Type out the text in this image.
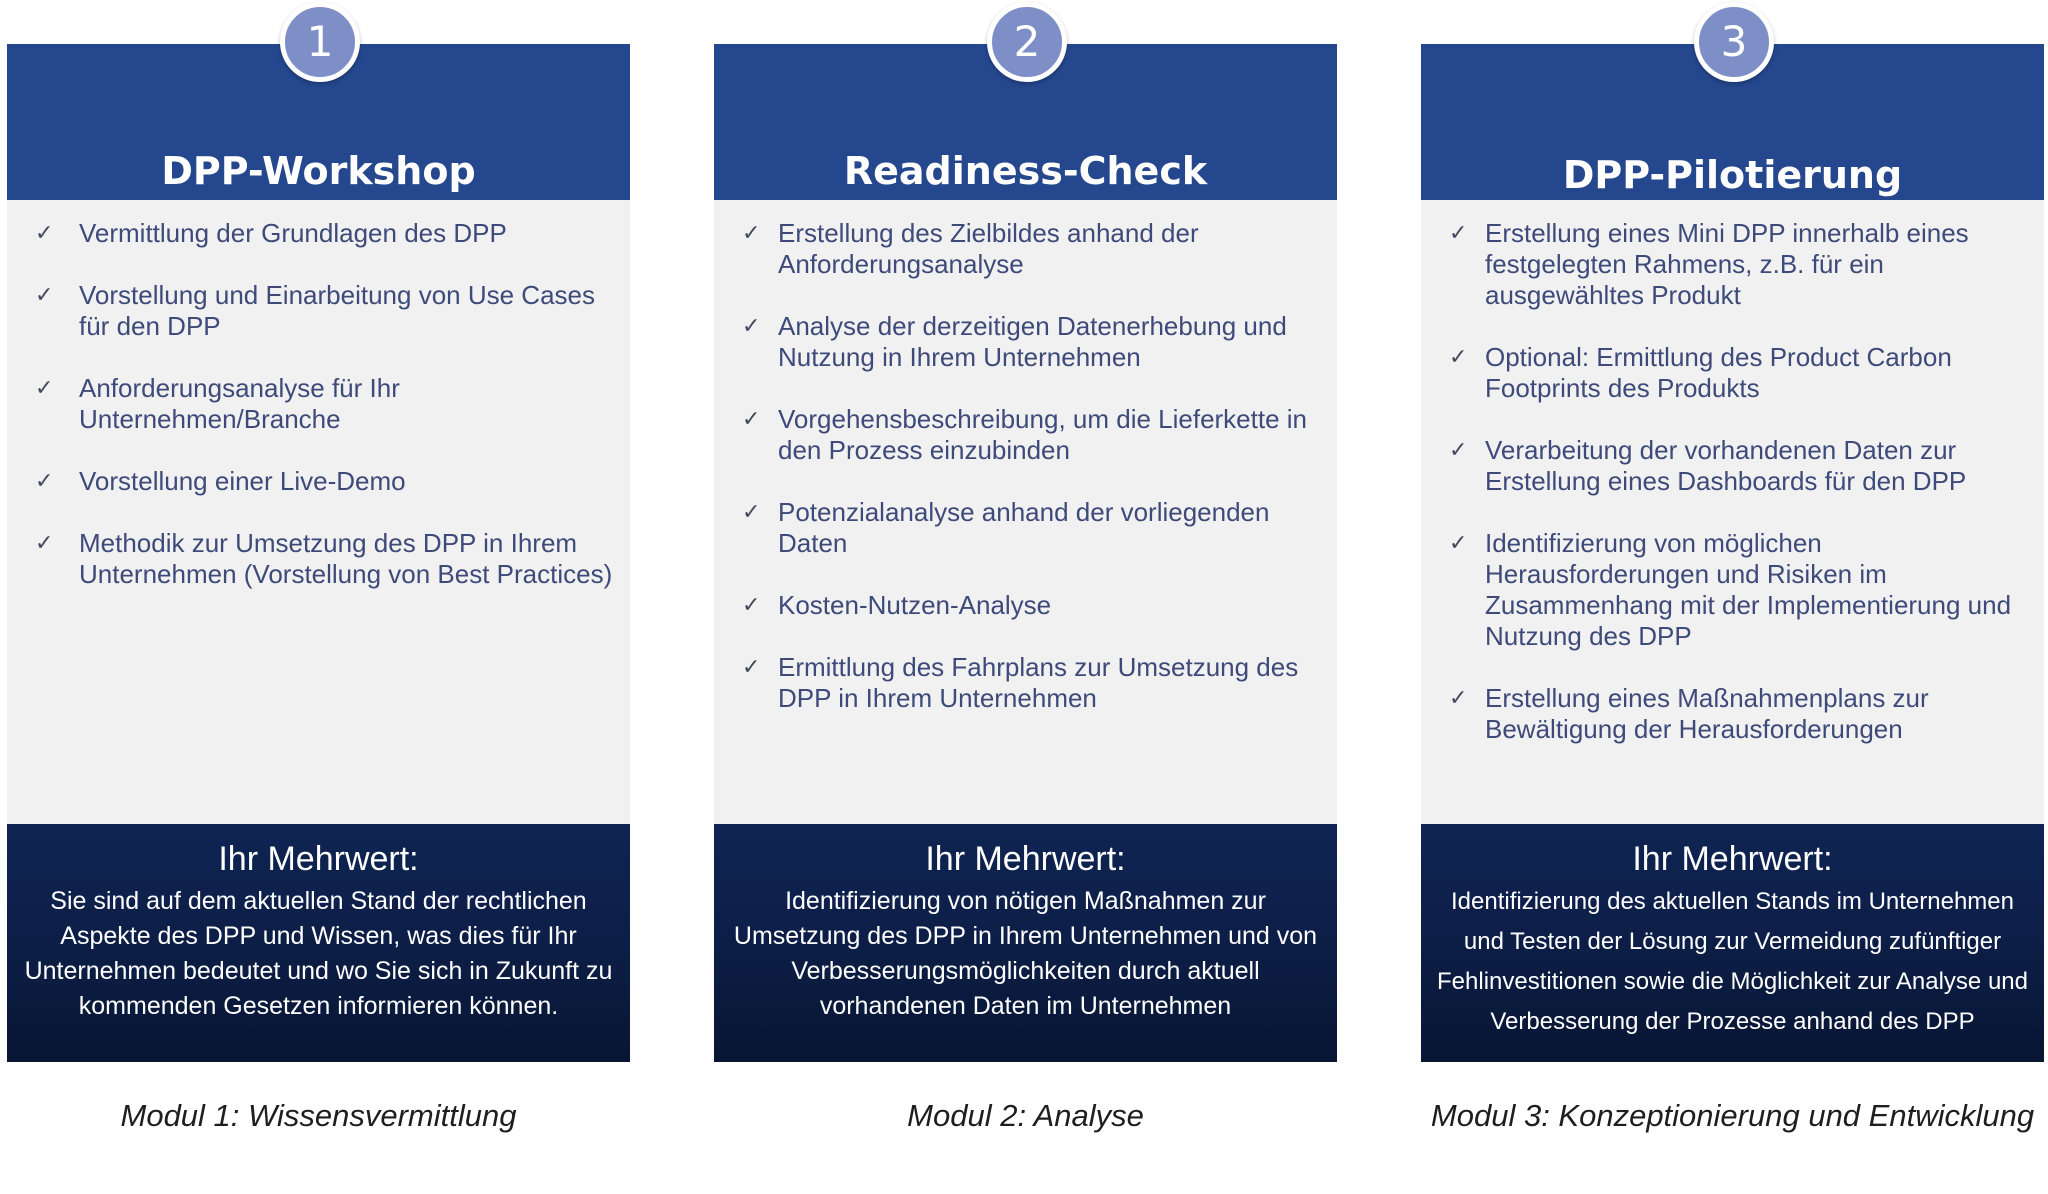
1
DPP-Workshop
✓ Vermittlung der Grundlagen des DPP
✓ Vorstellung und Einarbeitung von Use Cases für den DPP
✓ Anforderungsanalyse für Ihr Unternehmen/Branche
✓ Vorstellung einer Live-Demo
✓ Methodik zur Umsetzung des DPP in Ihrem Unternehmen (Vorstellung von Best Practices)
Ihr Mehrwert:
Sie sind auf dem aktuellen Stand der rechtlichen Aspekte des DPP und Wissen, was dies für Ihr Unternehmen bedeutet und wo Sie sich in Zukunft zu kommenden Gesetzen informieren können.
Modul 1: Wissensvermittlung
2
Readiness-Check
✓ Erstellung des Zielbildes anhand der Anforderungsanalyse
✓ Analyse der derzeitigen Datenerhebung und Nutzung in Ihrem Unternehmen
✓ Vorgehensbeschreibung, um die Lieferkette in den Prozess einzubinden
✓ Potenzialanalyse anhand der vorliegenden Daten
✓ Kosten-Nutzen-Analyse
✓ Ermittlung des Fahrplans zur Umsetzung des DPP in Ihrem Unternehmen
Ihr Mehrwert:
Identifizierung von nötigen Maßnahmen zur Umsetzung des DPP in Ihrem Unternehmen und von Verbesserungsmöglichkeiten durch aktuell vorhandenen Daten im Unternehmen
Modul 2: Analyse
3
DPP-Pilotierung
✓ Erstellung eines Mini DPP innerhalb eines festgelegten Rahmens, z.B. für ein ausgewähltes Produkt
✓ Optional: Ermittlung des Product Carbon Footprints des Produkts
✓ Verarbeitung der vorhandenen Daten zur Erstellung eines Dashboards für den DPP
✓ Identifizierung von möglichen Herausforderungen und Risiken im Zusammenhang mit der Implementierung und Nutzung des DPP
✓ Erstellung eines Maßnahmenplans zur Bewältigung der Herausforderungen
Ihr Mehrwert:
Identifizierung des aktuellen Stands im Unternehmen und Testen der Lösung zur Vermeidung zufünftiger Fehlinvestitionen sowie die Möglichkeit zur Analyse und Verbesserung der Prozesse anhand des DPP
Modul 3: Konzeptionierung und Entwicklung
